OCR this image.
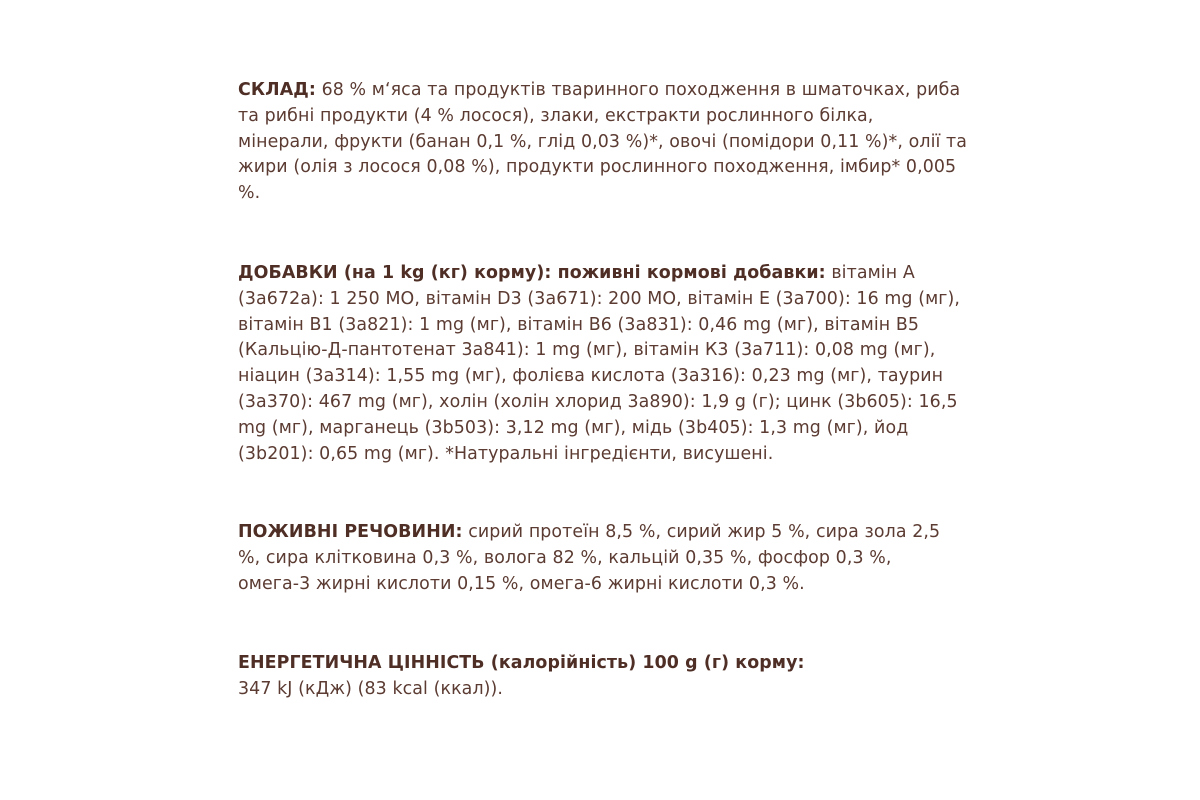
СКЛАД: 68 % м‘яса та продуктів тваринного походження в шматочках, риба та рибні продукти (4 % лосося), злаки, екстракти рослинного білка, мінерали, фрукти (банан 0,1 %, глід 0,03 %)*, овочі (помідори 0,11 %)*, олії та жири (олія з лосося 0,08 %), продукти рослинного походження, імбир* 0,005 %.

ДОБАВКИ (на 1 kg (кг) корму): поживні кормові добавки: вітамін А (3а672а): 1 250 МО, вітамін D3 (3а671): 200 МО, вітамін Е (3а700): 16 mg (мг), вітамін В1 (3а821): 1 mg (мг), вітамін В6 (3а831): 0,46 mg (мг), вітамін В5 (Кальцію-Д-пантотенат 3а841): 1 mg (мг), вітамін К3 (3а711): 0,08 mg (мг), ніацин (3а314): 1,55 mg (мг), фолієва кислота (3а316): 0,23 mg (мг), таурин (3а370): 467 mg (мг), холін (холін хлорид 3а890): 1,9 g (г); цинк (3b605): 16,5 mg (мг), марганець (3b503): 3,12 mg (мг), мідь (3b405): 1,3 mg (мг), йод (3b201): 0,65 mg (мг). *Натуральні інгредієнти, висушені.

ПОЖИВНІ РЕЧОВИНИ: сирий протеїн 8,5 %, сирий жир 5 %, сира зола 2,5 %, сира клітковина 0,3 %, волога 82 %, кальцій 0,35 %, фосфор 0,3 %, омега-3 жирні кислоти 0,15 %, омега-6 жирні кислоти 0,3 %.

ЕНЕРГЕТИЧНА ЦІННІСТЬ (калорійність) 100 g (г) корму:
347 kJ (кДж) (83 kcal (ккал)).
